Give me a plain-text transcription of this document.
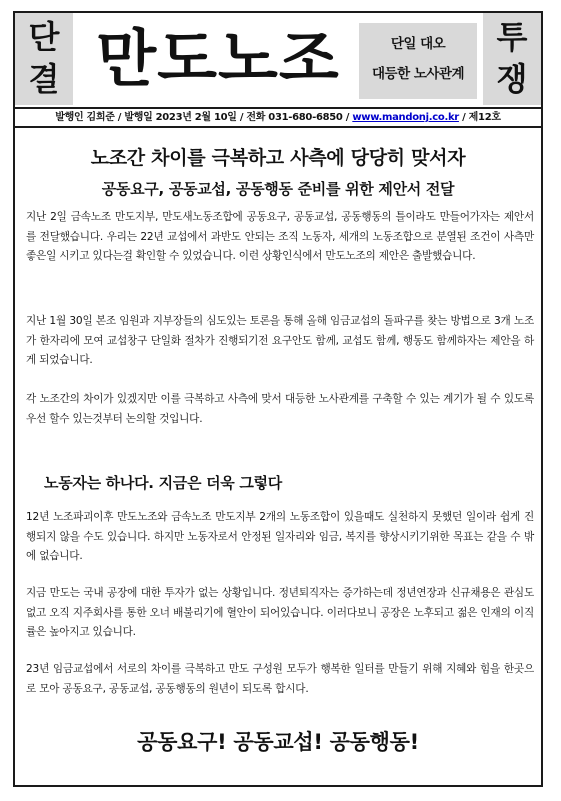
단
결 만도노조	단일 대오
대등한 노사관계
투
쟁
발행인 김희준 / 발행일 2023년 2월 10일 / 전화 031-680-6850 / www.mandonj.co.kr / 제12호
노조간 차이를 극복하고 사측에 당당히 맞서자
공동요구, 공동교섭, 공동행동 준비를 위한 제안서 전달
지난 2일 금속노조 만도지부, 만도새노동조합에 공동요구, 공동교섭, 공동행동의 틀이라도 만들어가자는 제안서를 전달했습니다. 우리는 22년 교섭에서 과반도 안되는 조직 노동자, 세개의 노동조합으로 분열된 조건이 사측만 좋은일 시키고 있다는걸 확인할 수 있었습니다. 이런 상황인식에서 만도노조의 제안은 출발했습니다.
지난 1월 30일 본조 임원과 지부장들의 심도있는 토론을 통해 올해 임금교섭의 돌파구를 찾는 방법으로 3개 노조가 한자리에 모여 교섭창구 단일화 절차가 진행되기전 요구안도 함께, 교섭도 함께, 행동도 함께하자는 제안을 하게 되었습니다.
각 노조간의 차이가 있겠지만 이를 극복하고 사측에 맞서 대등한 노사관계를 구축할 수 있는 계기가 될 수 있도록 우선 할수 있는것부터 논의할 것입니다.
노동자는 하나다. 지금은 더욱 그렇다
12년 노조파괴이후 만도노조와 금속노조 만도지부 2개의 노동조합이 있을때도 실천하지 못했던 일이라 쉽게 진행되지 않을 수도 있습니다. 하지만 노동자로서 안정된 일자리와 임금, 복지를 향상시키기위한 목표는 같을 수 밖에 없습니다.
지금 만도는 국내 공장에 대한 투자가 없는 상황입니다. 정년퇴직자는 증가하는데 정년연장과 신규채용은 관심도 없고 오직 지주회사를 통한 오너 배불리기에 혈안이 되어있습니다. 이러다보니 공장은 노후되고 젊은 인재의 이직률은 높아지고 있습니다.
23년 임금교섭에서 서로의 차이를 극복하고 만도 구성원 모두가 행복한 일터를 만들기 위해 지혜와 힘을 한곳으로 모아 공동요구, 공동교섭, 공동행동의 원년이 되도록 합시다.
공동요구! 공동교섭! 공동행동!
